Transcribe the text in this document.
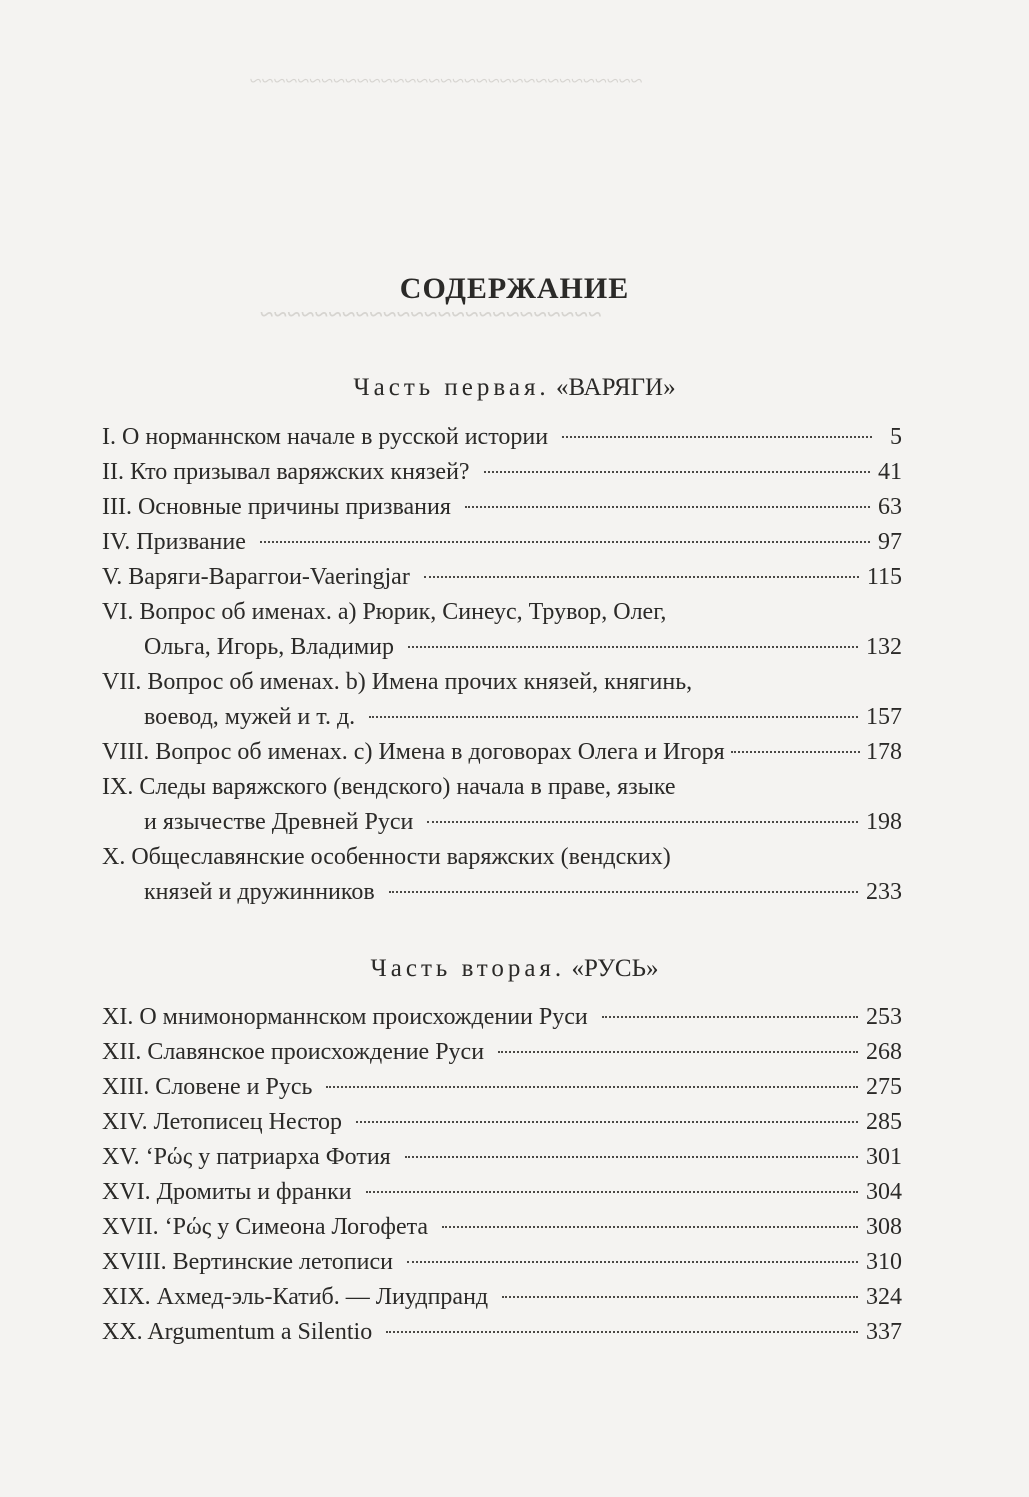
~~~~~~~~~~~~~~~~~~~~~~~~~~~~~~~~~
~~~~~~~~~~~~~~~~~~~~~~~~~
СОДЕРЖАНИЕ
Часть первая. «ВАРЯГИ»
I. О норманнском начале в русской истории	5
II. Кто призывал варяжских князей?	41
III. Основные причины призвания	63
IV. Призвание	97
V. Варяги-Вараггои-Vaeringjar	115
VI. Вопрос об именах. a) Рюрик, Синеус, Трувор, Олег,
Ольга, Игорь, Владимир	132
VII. Вопрос об именах. b) Имена прочих князей, княгинь,
воевод, мужей и т. д.	157
VIII. Вопрос об именах. c) Имена в договорах Олега и Игоря	178
IX. Следы варяжского (вендского) начала в праве, языке
и язычестве Древней Руси	198
X. Общеславянские особенности варяжских (вендских)
князей и дружинников	233
Часть вторая. «РУСЬ»
XI. О мнимонорманнском происхождении Руси	253
XII. Славянское происхождение Руси	268
XIII. Словене и Русь	275
XIV. Летописец Нестор	285
XV. ‘Ρώς у патриарха Фотия	301
XVI. Дромиты и франки	304
XVII. ‘Ρώς у Симеона Логофета	308
XVIII. Вертинские летописи	310
XIX. Ахмед-эль-Катиб. — Лиудпранд	324
XX. Argumentum a Silentio	337
